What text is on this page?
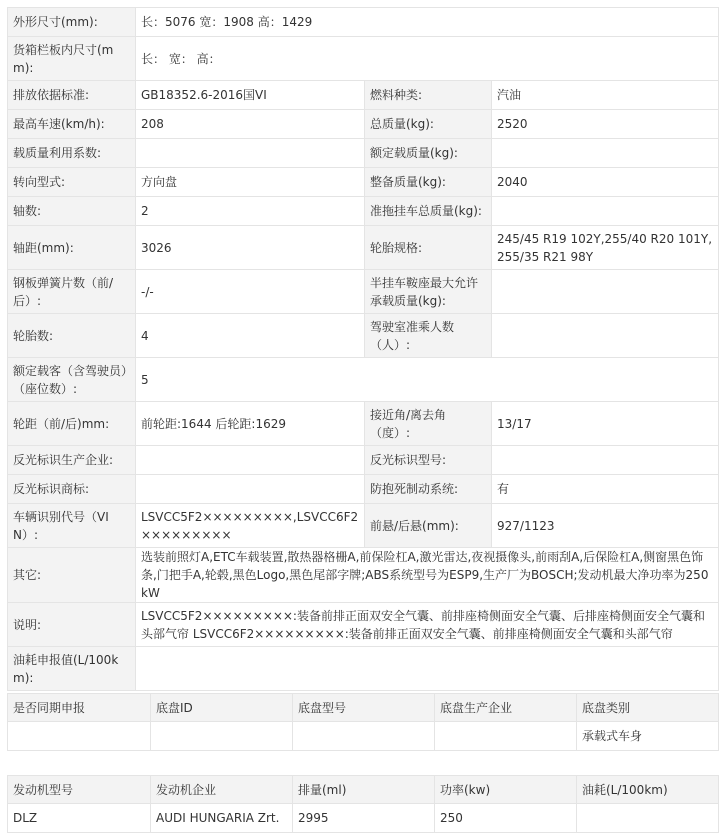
外形尺寸(mm):	长：5076 宽：1908 高：1429		
货箱栏板内尺寸(mm):	长： 宽： 高：		
排放依据标准:	GB18352.6-2016国VI	燃料种类:	汽油
最高车速(km/h):	208	总质量(kg):	2520
载质量利用系数:		额定载质量(kg):	
转向型式:	方向盘	整备质量(kg):	2040
轴数:	2	准拖挂车总质量(kg):	
轴距(mm):	3026	轮胎规格:	245/45 R19 102Y,255/40 R20 101Y,255/35 R21 98Y
钢板弹簧片数（前/后）:	-/-	半挂车鞍座最大允许承载质量(kg):	
轮胎数:	4	驾驶室准乘人数（人）:	
额定载客（含驾驶员）（座位数）:	5		
轮距（前/后)mm:	前轮距:1644 后轮距:1629	接近角/离去角（度）:	13/17
反光标识生产企业:		反光标识型号:	
反光标识商标:		防抱死制动系统:	有
车辆识别代号（VIN）:	LSVCC5F2×××××××××,LSVCC6F2×××××××××	前悬/后悬(mm):	927/1123
其它:	选装前照灯A,ETC车载装置,散热器格栅A,前保险杠A,激光雷达,夜视摄像头,前雨刮A,后保险杠A,侧窗黑色饰条,门把手A,轮毂,黑色Logo,黑色尾部字牌;ABS系统型号为ESP9,生产厂为BOSCH;发动机最大净功率为250kW		
说明:	LSVCC5F2×××××××××:装备前排正面双安全气囊、前排座椅侧面安全气囊、后排座椅侧面安全气囊和头部气帘 LSVCC6F2×××××××××:装备前排正面双安全气囊、前排座椅侧面安全气囊和头部气帘		
油耗申报值(L/100km):			
是否同期申报	底盘ID	底盘型号	底盘生产企业	底盘类别
				承载式车身
发动机型号	发动机企业	排量(ml)	功率(kw)	油耗(L/100km)
DLZ	AUDI HUNGARIA Zrt.	2995	250	
